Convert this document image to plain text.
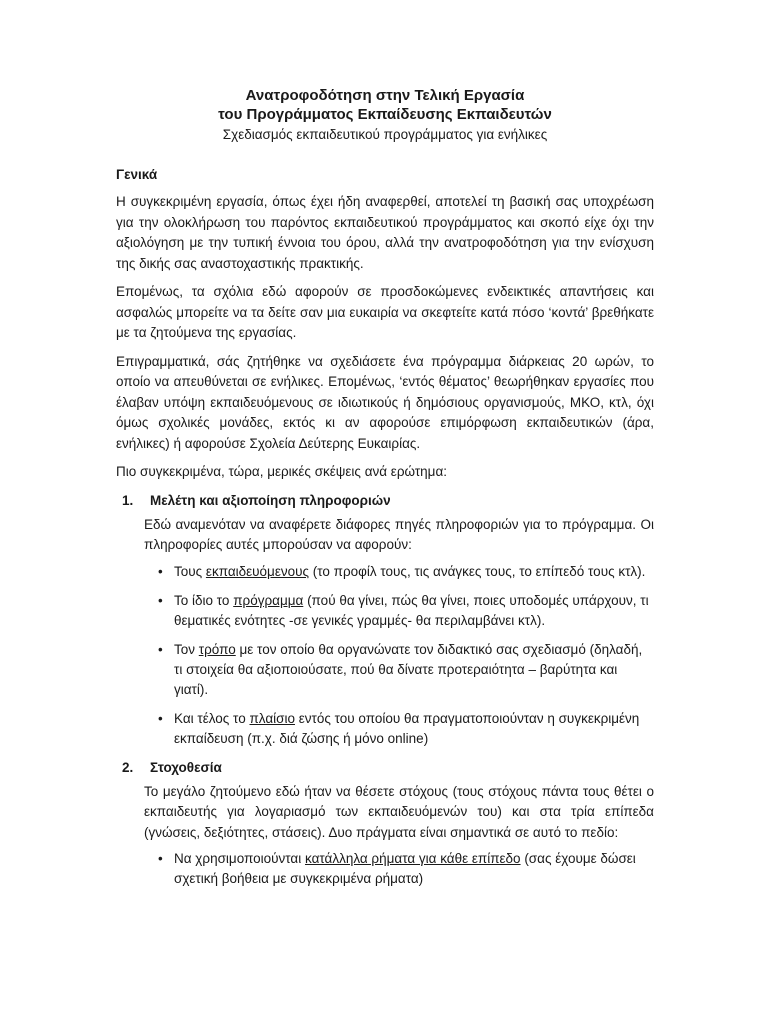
Ανατροφοδότηση στην Τελική Εργασία
του Προγράμματος Εκπαίδευσης Εκπαιδευτών
Σχεδιασμός εκπαιδευτικού προγράμματος για ενήλικες
Γενικά

Η συγκεκριμένη εργασία, όπως έχει ήδη αναφερθεί, αποτελεί τη βασική σας υποχρέωση για την ολοκλήρωση του παρόντος εκπαιδευτικού προγράμματος και σκοπό είχε όχι την αξιολόγηση με την τυπική έννοια του όρου, αλλά την ανατροφοδότηση για την ενίσχυση της δικής σας αναστοχαστικής πρακτικής.

Επομένως, τα σχόλια εδώ αφορούν σε προσδοκώμενες ενδεικτικές απαντήσεις και ασφαλώς μπορείτε να τα δείτε σαν μια ευκαιρία να σκεφτείτε κατά πόσο ‘κοντά’ βρεθήκατε με τα ζητούμενα της εργασίας.

Επιγραμματικά, σάς ζητήθηκε να σχεδιάσετε ένα πρόγραμμα διάρκειας 20 ωρών, το οποίο να απευθύνεται σε ενήλικες. Επομένως, ‘εντός θέματος’ θεωρήθηκαν εργασίες που έλαβαν υπόψη εκπαιδευόμενους σε ιδιωτικούς ή δημόσιους οργανισμούς, ΜΚΟ, κτλ, όχι όμως σχολικές μονάδες, εκτός κι αν αφορούσε επιμόρφωση εκπαιδευτικών (άρα, ενήλικες) ή αφορούσε Σχολεία Δεύτερης Ευκαιρίας.

Πιο συγκεκριμένα, τώρα, μερικές σκέψεις ανά ερώτημα:

1.	Μελέτη και αξιοποίηση πληροφοριών

Εδώ αναμενόταν να αναφέρετε διάφορες πηγές πληροφοριών για το πρόγραμμα. Οι πληροφορίες αυτές μπορούσαν να αφορούν:

• Τους εκπαιδευόμενους (το προφίλ τους, τις ανάγκες τους, το επίπεδό τους κτλ).
• Το ίδιο το πρόγραμμα (πού θα γίνει, πώς θα γίνει, ποιες υποδομές υπάρχουν, τι θεματικές ενότητες -σε γενικές γραμμές- θα περιλαμβάνει κτλ).
• Τον τρόπο με τον οποίο θα οργανώνατε τον διδακτικό σας σχεδιασμό (δηλαδή, τι στοιχεία θα αξιοποιούσατε, πού θα δίνατε προτεραιότητα – βαρύτητα και γιατί).
• Και τέλος το πλαίσιο εντός του οποίου θα πραγματοποιούνταν η συγκεκριμένη εκπαίδευση (π.χ. διά ζώσης ή μόνο online)
2.	Στοχοθεσία

Το μεγάλο ζητούμενο εδώ ήταν να θέσετε στόχους (τους στόχους πάντα τους θέτει ο εκπαιδευτής για λογαριασμό των εκπαιδευόμενών του) και στα τρία επίπεδα (γνώσεις, δεξιότητες, στάσεις). Δυο πράγματα είναι σημαντικά σε αυτό το πεδίο:

• Να χρησιμοποιούνται κατάλληλα ρήματα για κάθε επίπεδο (σας έχουμε δώσει σχετική βοήθεια με συγκεκριμένα ρήματα)
